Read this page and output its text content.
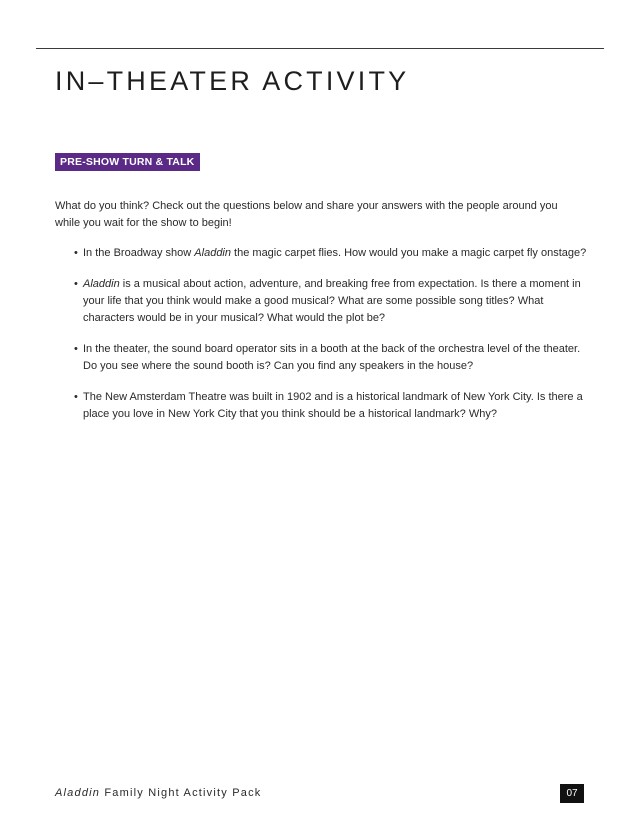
IN–THEATER ACTIVITY
PRE-SHOW TURN & TALK

What do you think? Check out the questions below and share your answers with the people around you while you wait for the show to begin!

• In the Broadway show Aladdin the magic carpet flies. How would you make a magic carpet fly onstage?
• Aladdin is a musical about action, adventure, and breaking free from expectation. Is there a moment in your life that you think would make a good musical? What are some possible song titles? What characters would be in your musical? What would the plot be?
• In the theater, the sound board operator sits in a booth at the back of the orchestra level of the theater. Do you see where the sound booth is? Can you find any speakers in the house?
• The New Amsterdam Theatre was built in 1902 and is a historical landmark of New York City. Is there a place you love in New York City that you think should be a historical landmark? Why?
Aladdin Family Night Activity Pack	07
